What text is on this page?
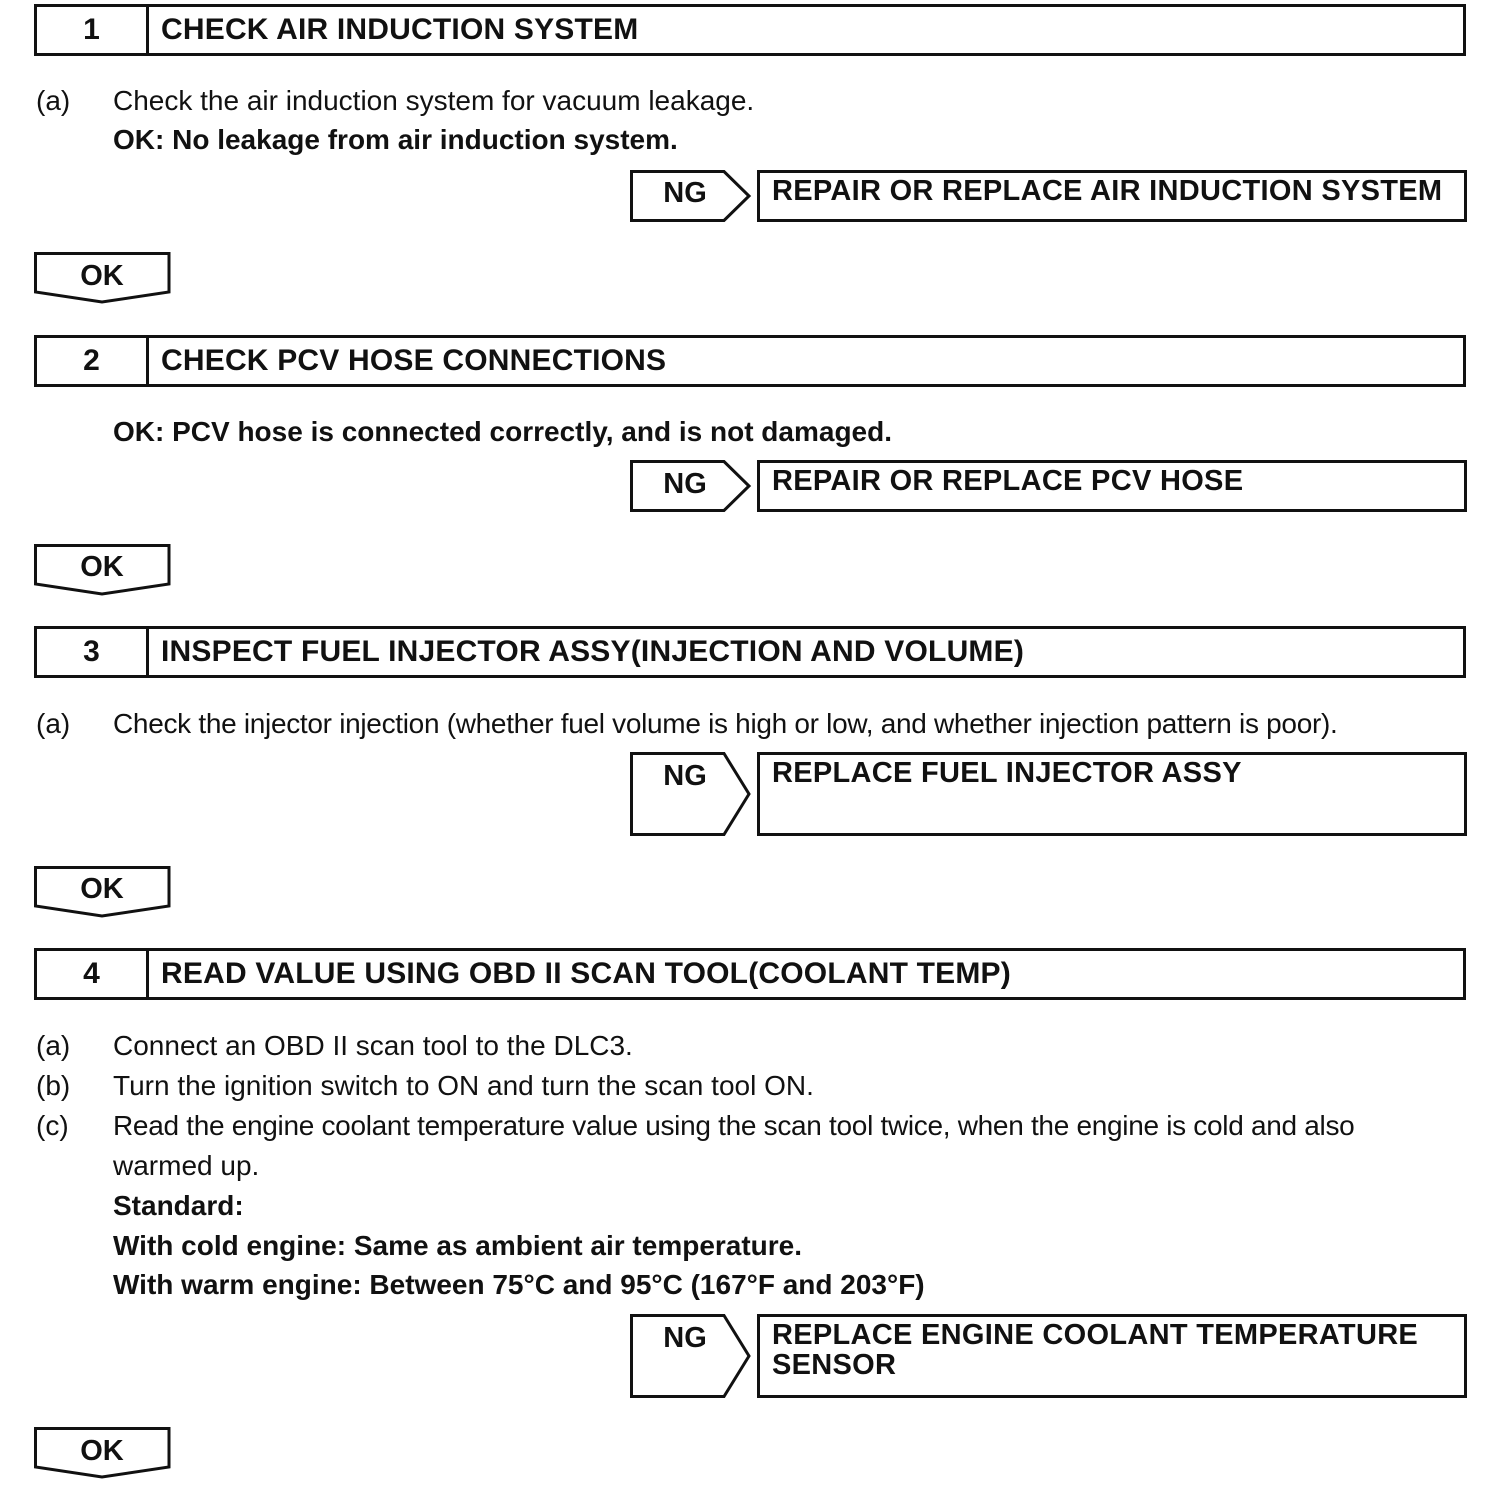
1	CHECK AIR INDUCTION SYSTEM
(a) Check the air induction system for vacuum leakage.
OK: No leakage from air induction system.
NG	REPAIR OR REPLACE AIR INDUCTION SYSTEM
OK
2	CHECK PCV HOSE CONNECTIONS
OK: PCV hose is connected correctly, and is not damaged.
NG	REPAIR OR REPLACE PCV HOSE
OK
3	INSPECT FUEL INJECTOR ASSY(INJECTION AND VOLUME)
(a) Check the injector injection (whether fuel volume is high or low, and whether injection pattern is poor).
NG	REPLACE FUEL INJECTOR ASSY
OK
4	READ VALUE USING OBD II SCAN TOOL(COOLANT TEMP)
(a) Connect an OBD II scan tool to the DLC3.
(b) Turn the ignition switch to ON and turn the scan tool ON.
(c) Read the engine coolant temperature value using the scan tool twice, when the engine is cold and also
warmed up.
Standard:
With cold engine: Same as ambient air temperature.
With warm engine: Between 75°C and 95°C (167°F and 203°F)
NG	REPLACE ENGINE COOLANT TEMPERATURE
SENSOR
OK
